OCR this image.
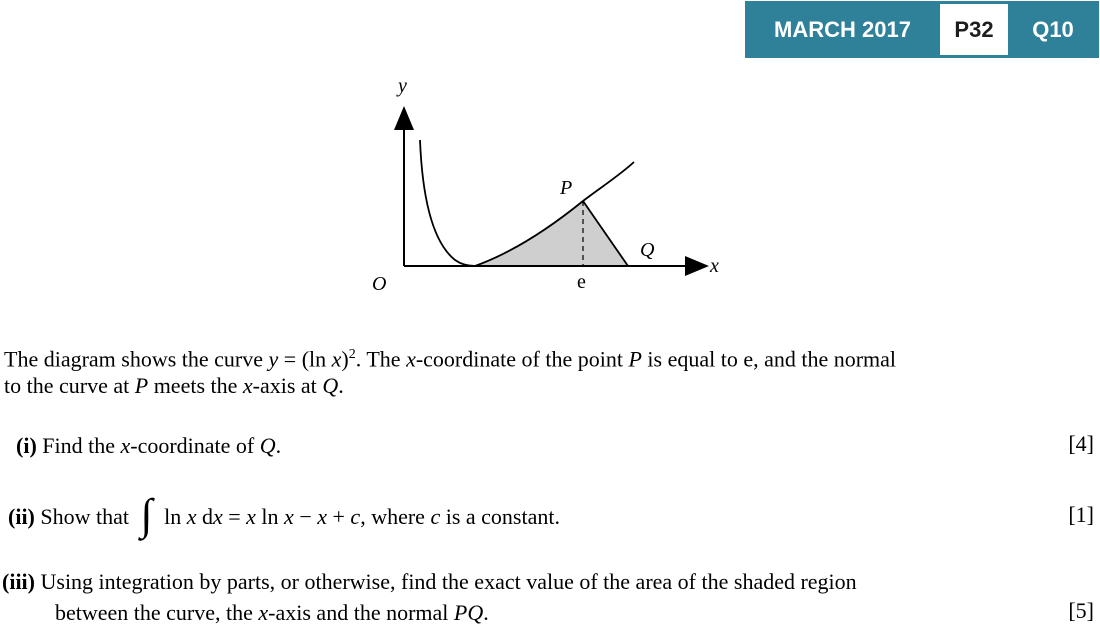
MARCH 2017	P32	Q10
y
x
O
P
Q
e
The diagram shows the curve y = (ln x)$^2$. The x-coordinate of the point P is equal to e, and the normal
to the curve at P meets the x-axis at Q.
(i) Find the x-coordinate of Q.	[4]
(ii) Show that ∫ ln x dx = x ln x − x + c, where c is a constant.	[1]
(iii) Using integration by parts, or otherwise, find the exact value of the area of the shaded region
between the curve, the x-axis and the normal PQ.	[5]
